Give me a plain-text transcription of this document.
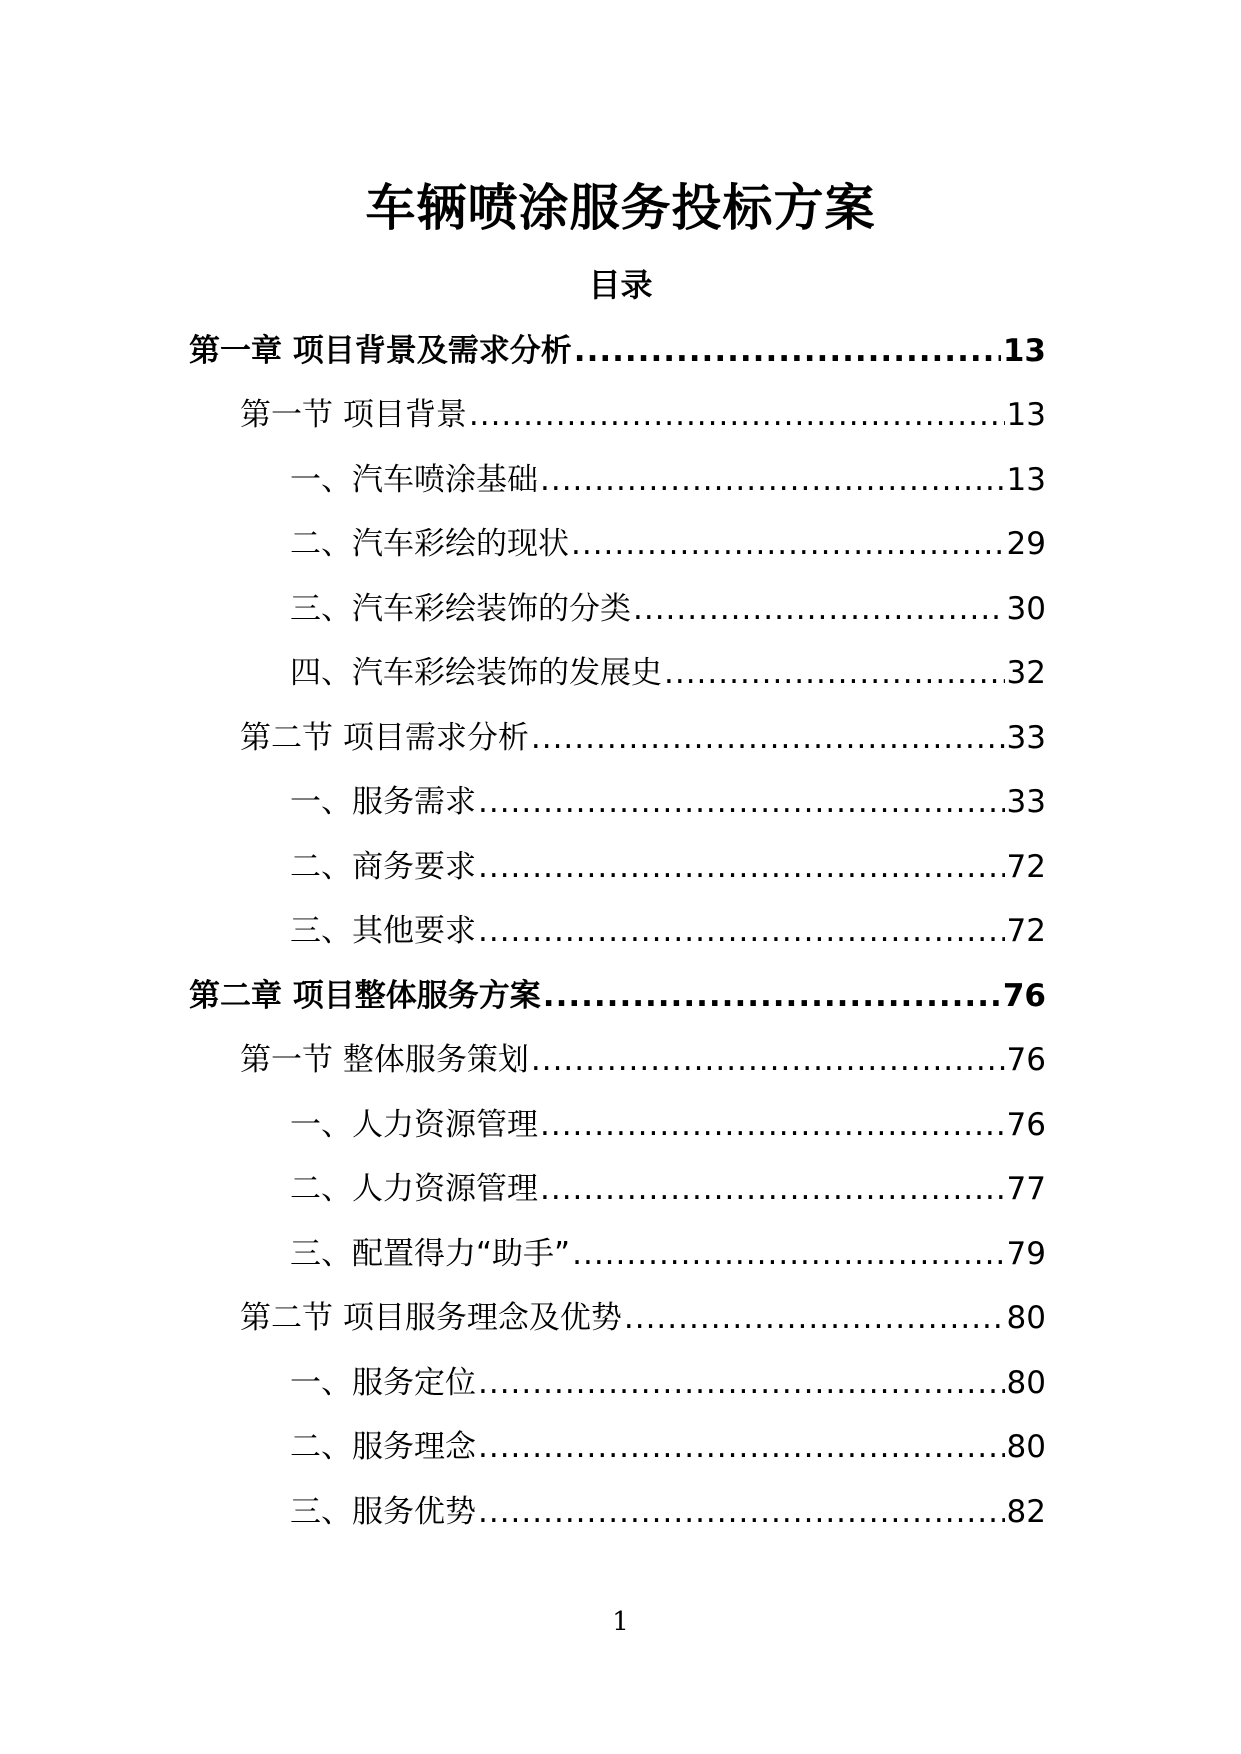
车辆喷涂服务投标方案
目录
第一章 项目背景及需求分析 .....	13
第一节 项目背景 .....	13
一、汽车喷涂基础 .....	13
二、汽车彩绘的现状 .....	29
三、汽车彩绘装饰的分类 .....	30
四、汽车彩绘装饰的发展史 .....	32
第二节 项目需求分析 .....	33
一、服务需求 .....	33
二、商务要求 .....	72
三、其他要求 .....	72
第二章 项目整体服务方案 .....	76
第一节 整体服务策划 .....	76
一、人力资源管理 .....	76
二、人力资源管理 .....	77
三、配置得力“助手” .....	79
第二节 项目服务理念及优势 .....	80
一、服务定位 .....	80
二、服务理念 .....	80
三、服务优势 .....	82
1
